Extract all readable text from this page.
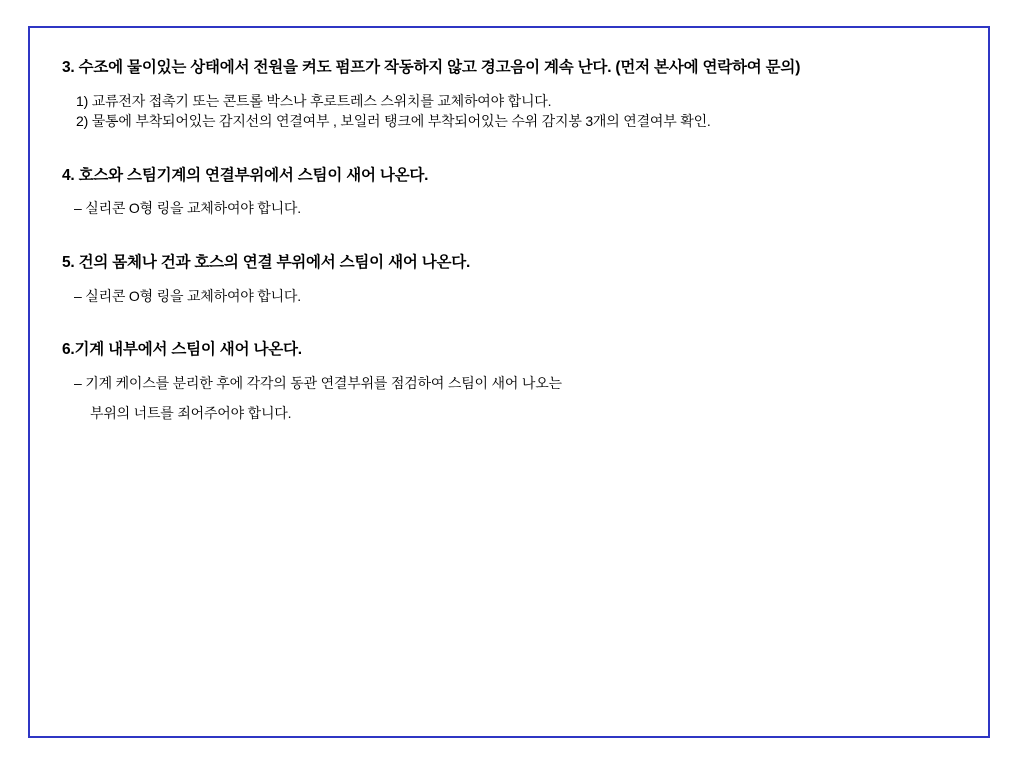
3. 수조에 물이있는 상태에서 전원을 켜도 펌프가 작동하지 않고 경고음이 계속 난다. (먼저 본사에 연락하여 문의)

1) 교류전자 접촉기 또는 콘트롤 박스나 후로트레스 스위치를 교체하여야 합니다.

2) 물통에 부착되어있는 감지선의 연결여부 , 보일러 탱크에 부착되어있는 수위 감지봉 3개의 연결여부 확인.

4. 호스와 스팀기계의 연결부위에서 스팀이 새어 나온다.

– 실리콘 O형 링을 교체하여야 합니다.

5. 건의 몸체나 건과 호스의 연결 부위에서 스팀이 새어 나온다.

– 실리콘 O형 링을 교체하여야 합니다.

6.기계 내부에서 스팀이 새어 나온다.

– 기계 케이스를 분리한 후에 각각의 동관 연결부위를 점검하여 스팀이 새어 나오는

부위의 너트를 죄어주어야 합니다.
